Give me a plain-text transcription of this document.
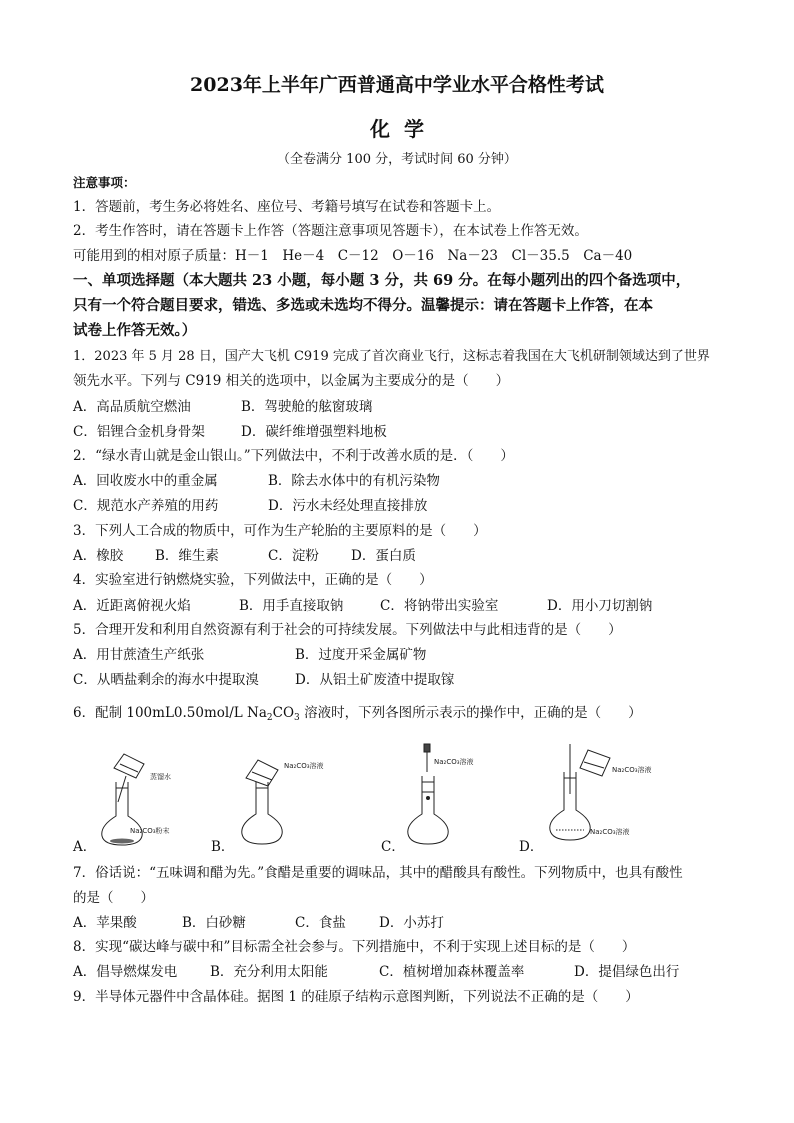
2023年上半年广西普通高中学业水平合格性考试
化  学
（全卷满分 100 分，考试时间 60 分钟）
注意事项：
1．答题前，考生务必将姓名、座位号、考籍号填写在试卷和答题卡上。
2．考生作答时，请在答题卡上作答（答题注意事项见答题卡），在本试卷上作答无效。
可能用到的相对原子质量：H－1　He－4　C－12　O－16　Na－23　Cl－35.5　Ca－40
一、单项选择题（本大题共 23 小题，每小题 3 分，共 69 分。在每小题列出的四个备选项中，
只有一个符合题目要求，错选、多选或未选均不得分。温馨提示：请在答题卡上作答，在本
试卷上作答无效。）
1．2023 年 5 月 28 日，国产大飞机 C919 完成了首次商业飞行，这标志着我国在大飞机研制领域达到了世界
领先水平。下列与 C919 相关的选项中，以金属为主要成分的是（　　）
A．高品质航空燃油	B．驾驶舱的舷窗玻璃
C．铝锂合金机身骨架	D．碳纤维增强塑料地板
2．“绿水青山就是金山银山。”下列做法中，不利于改善水质的是．（　　）
A．回收废水中的重金属	B．除去水体中的有机污染物
C．规范水产养殖的用药	D．污水未经处理直接排放
3．下列人工合成的物质中，可作为生产轮胎的主要原料的是（　　）
A．橡胶 B．维生素	C．淀粉 D．蛋白质
4．实验室进行钠燃烧实验，下列做法中，正确的是（　　）
A．近距离俯视火焰	B．用手直接取钠	C．将钠带出实验室	D．用小刀切割钠
5．合理开发和利用自然资源有利于社会的可持续发展。下列做法中与此相违背的是（　　）
A．用甘蔗渣生产纸张	B．过度开采金属矿物
C．从晒盐剩余的海水中提取溴	D．从铝土矿废渣中提取镓
6．配制 100mL0.50mol/L $Na_2CO_3$ 溶液时，下列各图所示表示的操作中，正确的是（　　）
A．	B．	C．	D．
蒸馏水
Na₂CO₃粉末
Na₂CO₃溶液	Na₂CO₃溶液
Na₂CO₃溶液
Na₂CO₃溶液
7．俗话说：“五味调和醋为先。”食醋是重要的调味品，其中的醋酸具有酸性。下列物质中，也具有酸性
的是（　　）
A．苹果酸	B．白砂糖	C．食盐 D．小苏打
8．实现“碳达峰与碳中和”目标需全社会参与。下列措施中，不利于实现上述目标的是（　　）
A．倡导燃煤发电 B．充分利用太阳能	C．植树增加森林覆盖率	D．提倡绿色出行
9．半导体元器件中含晶体硅。据图 1 的硅原子结构示意图判断，下列说法不正确的是（　　）
